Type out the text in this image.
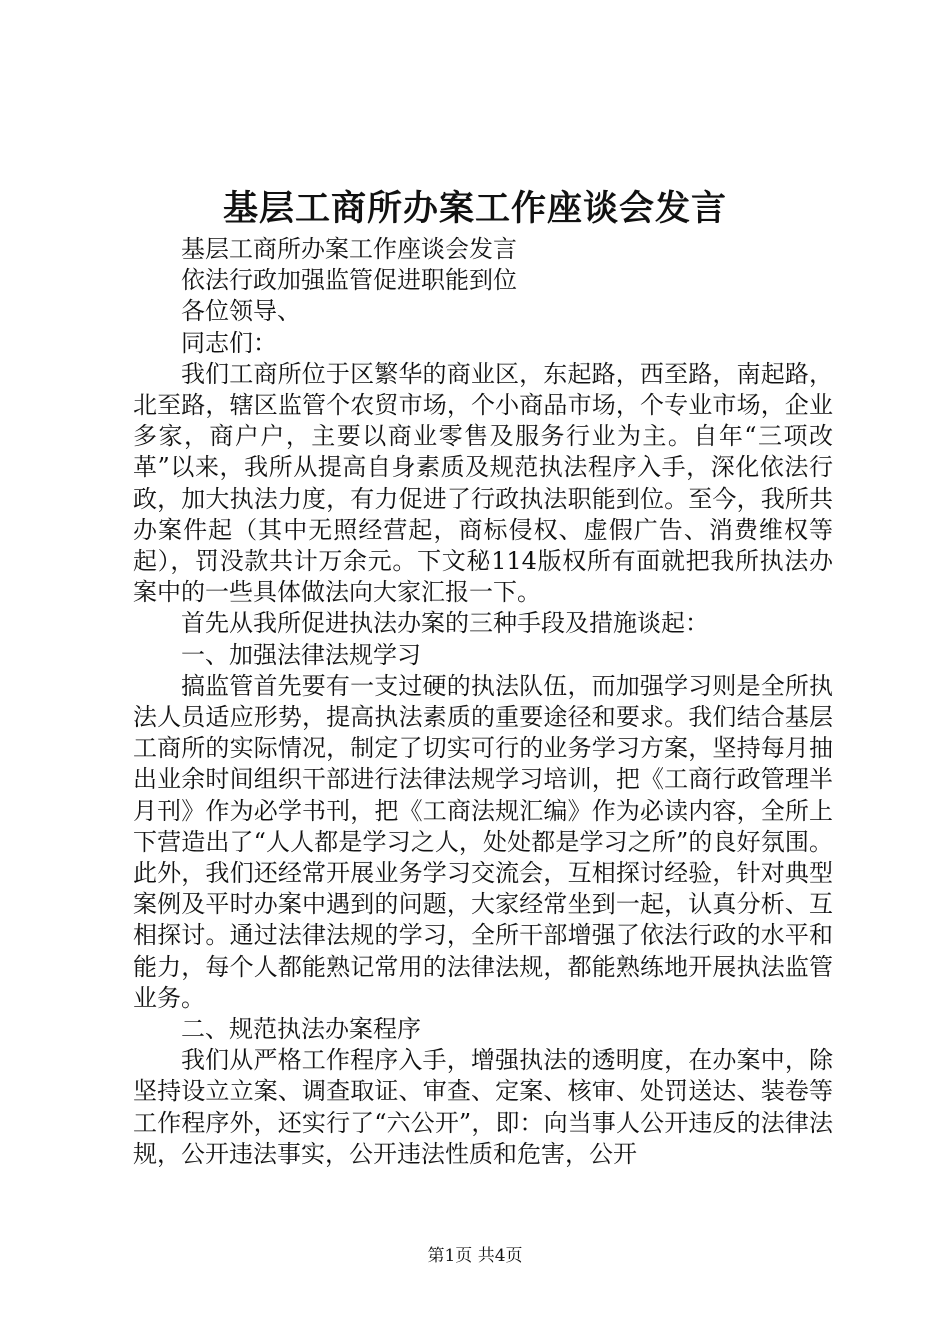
基层工商所办案工作座谈会发言

基层工商所办案工作座谈会发言

依法行政加强监管促进职能到位

各位领导、

同志们：

我们工商所位于区繁华的商业区，东起路，西至路，南起路，北至路，辖区监管个农贸市场，个小商品市场，个专业市场，企业多家，商户户，主要以商业零售及服务行业为主。自年“三项改革”以来，我所从提高自身素质及规范执法程序入手，深化依法行政，加大执法力度，有力促进了行政执法职能到位。至今，我所共办案件起（其中无照经营起，商标侵权、虚假广告、消费维权等起），罚没款共计万余元。下文秘114版权所有面就把我所执法办案中的一些具体做法向大家汇报一下。

首先从我所促进执法办案的三种手段及措施谈起：

一、加强法律法规学习

搞监管首先要有一支过硬的执法队伍，而加强学习则是全所执法人员适应形势，提高执法素质的重要途径和要求。我们结合基层工商所的实际情况，制定了切实可行的业务学习方案，坚持每月抽出业余时间组织干部进行法律法规学习培训，把《工商行政管理半月刊》作为必学书刊，把《工商法规汇编》作为必读内容，全所上下营造出了“人人都是学习之人，处处都是学习之所”的良好氛围。此外，我们还经常开展业务学习交流会，互相探讨经验，针对典型案例及平时办案中遇到的问题，大家经常坐到一起，认真分析、互相探讨。通过法律法规的学习，全所干部增强了依法行政的水平和能力，每个人都能熟记常用的法律法规，都能熟练地开展执法监管业务。

二、规范执法办案程序

我们从严格工作程序入手，增强执法的透明度，在办案中，除坚持设立立案、调查取证、审查、定案、核审、处罚送达、装卷等工作程序外，还实行了“六公开”，即：向当事人公开违反的法律法规，公开违法事实，公开违法性质和危害，公开

第1页 共4页
